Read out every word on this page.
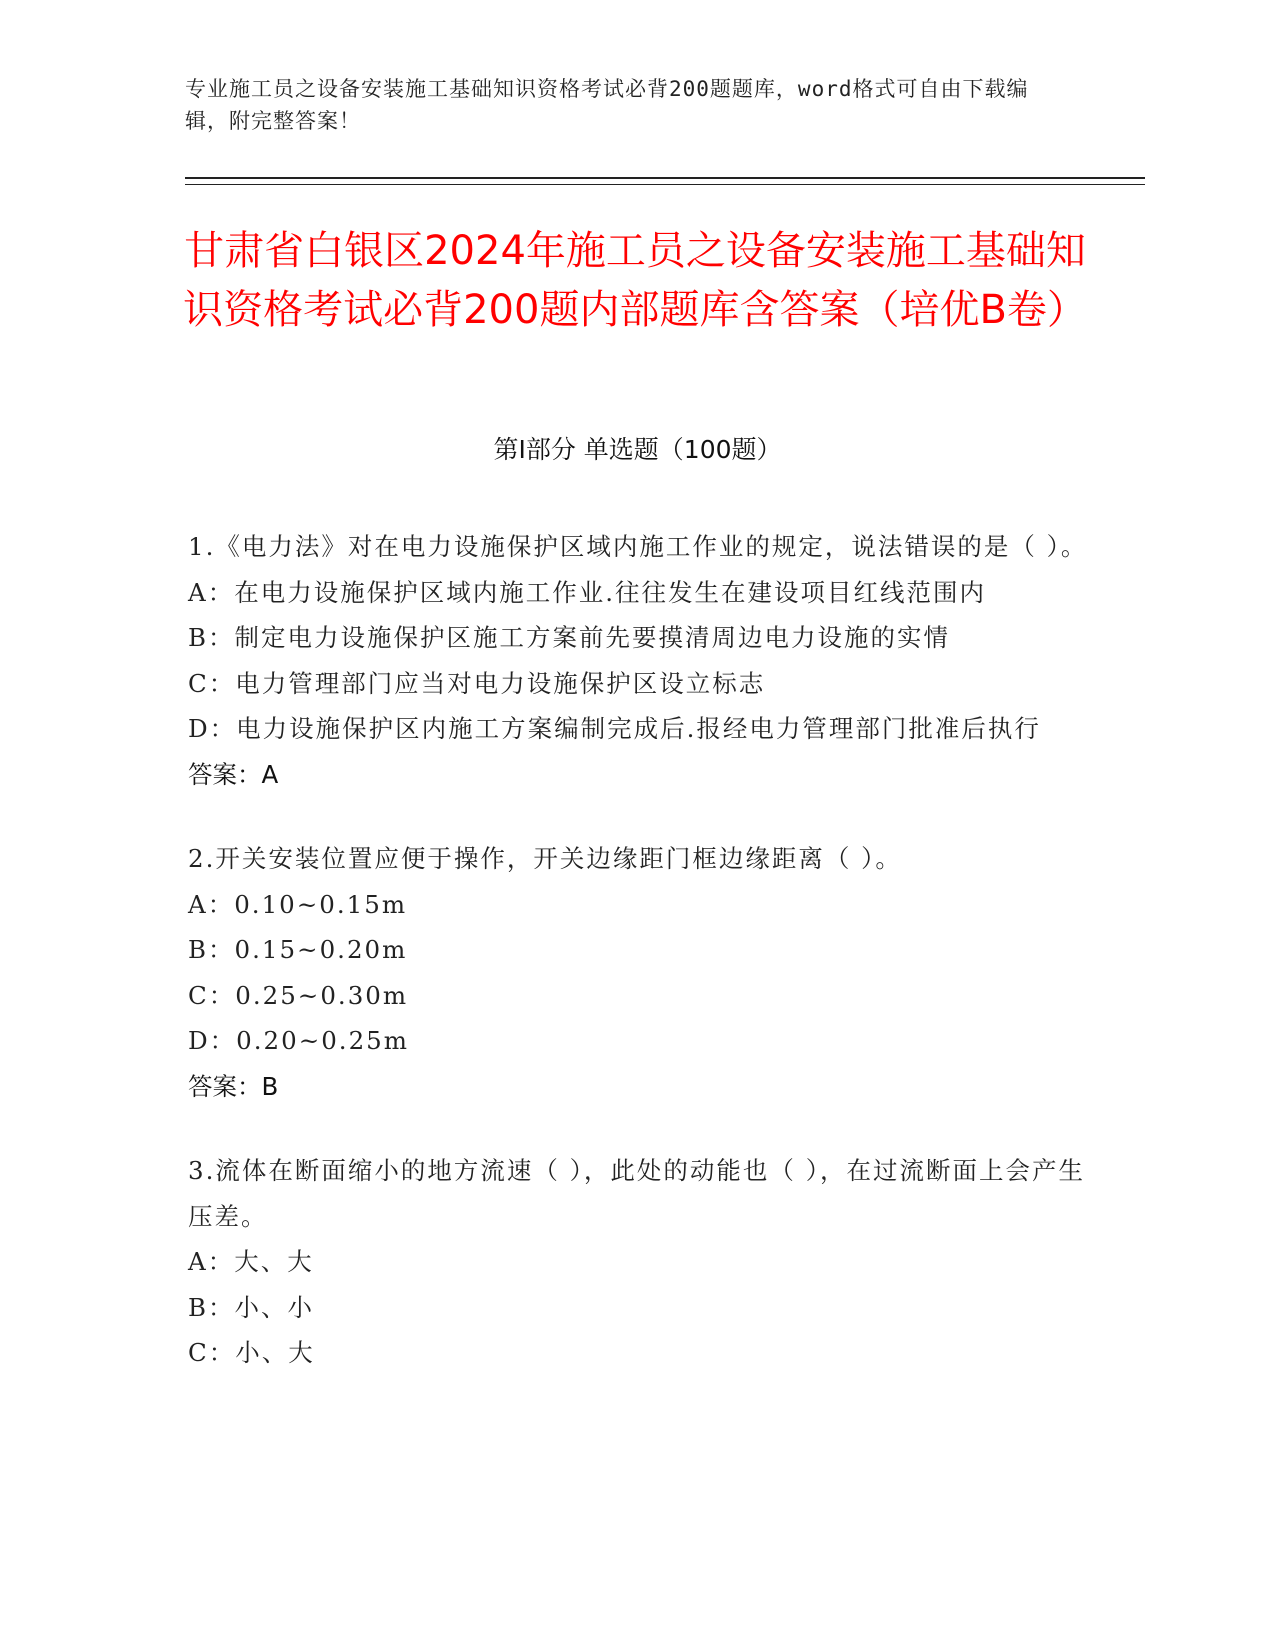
专业施工员之设备安装施工基础知识资格考试必背200题题库，word格式可自由下载编辑，附完整答案！
甘肃省白银区2024年施工员之设备安装施工基础知识资格考试必背200题内部题库含答案（培优B卷）
第I部分 单选题（100题）

1.《电力法》对在电力设施保护区域内施工作业的规定，说法错误的是（ ）。

A：在电力设施保护区域内施工作业.往往发生在建设项目红线范围内

B：制定电力设施保护区施工方案前先要摸清周边电力设施的实情

C：电力管理部门应当对电力设施保护区设立标志

D：电力设施保护区内施工方案编制完成后.报经电力管理部门批准后执行

答案：A

2.开关安装位置应便于操作，开关边缘距门框边缘距离（ ）。

A：0.10~0.15m

B：0.15~0.20m

C：0.25~0.30m

D：0.20~0.25m

答案：B

3.流体在断面缩小的地方流速（ ），此处的动能也（ ），在过流断面上会产生压差。

A：大、大

B：小、小

C：小、大
